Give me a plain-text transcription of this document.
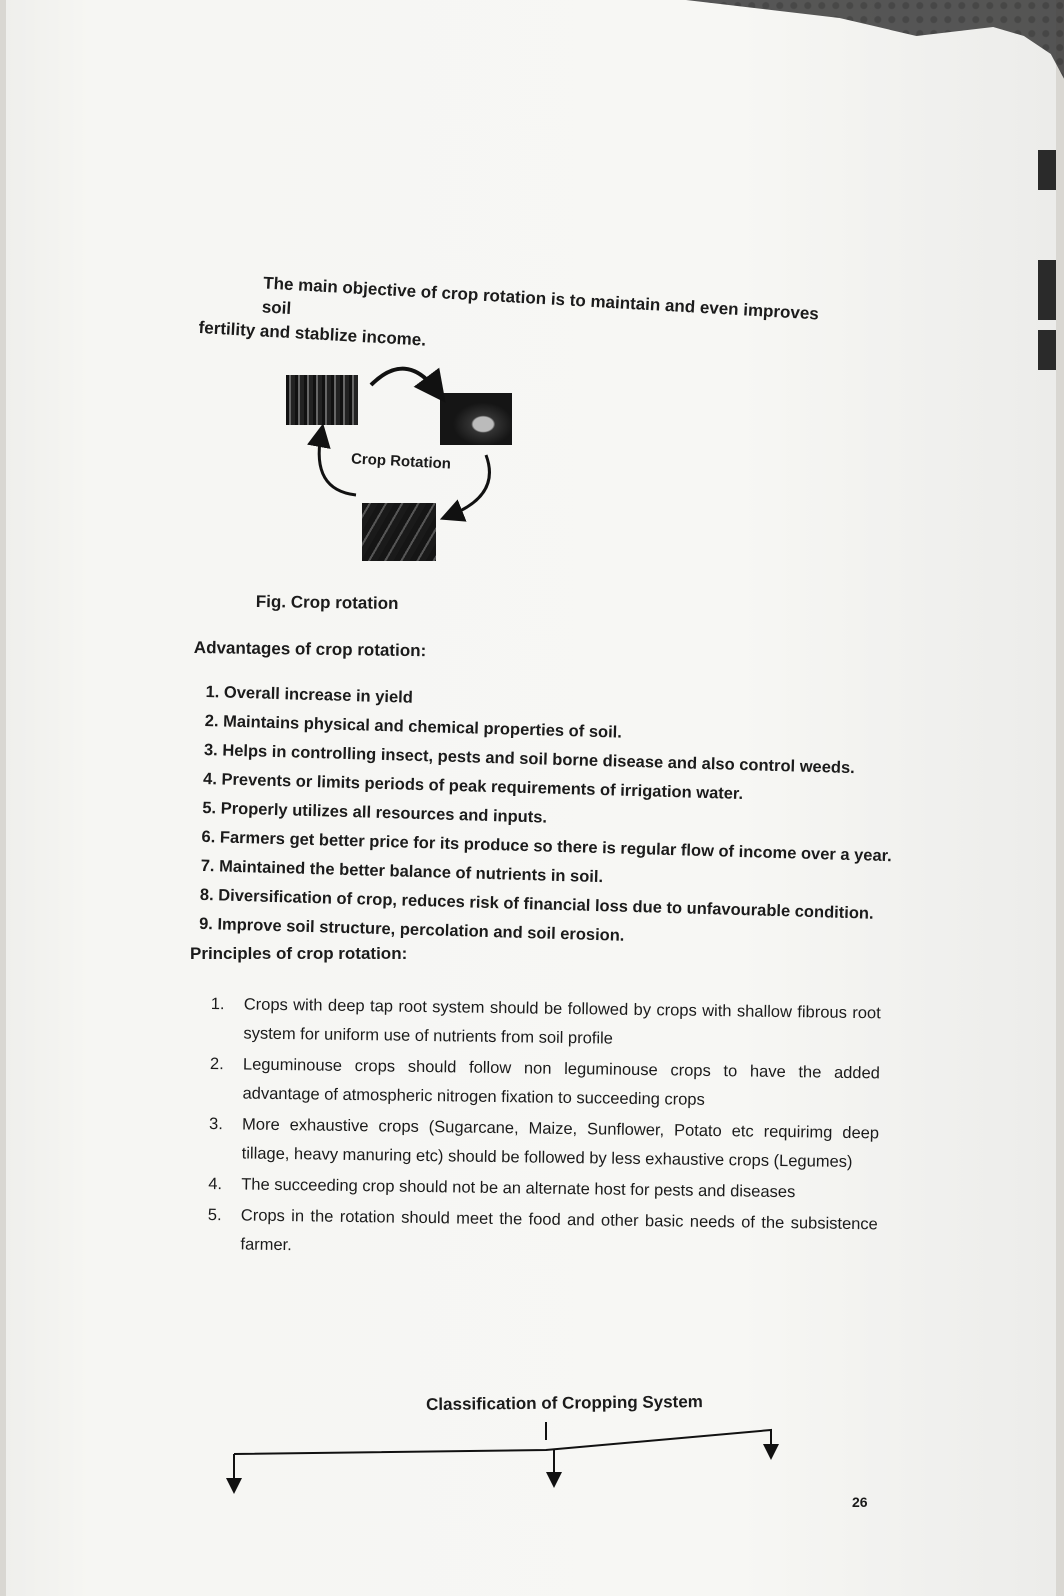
The main objective of crop rotation is to maintain and even improves soil
fertility and stablize income.
Crop Rotation
Fig. Crop rotation
Advantages of crop rotation:
1. Overall increase in yield
2. Maintains physical and chemical properties of soil.
3. Helps in controlling insect, pests and soil borne disease and also control weeds.
4. Prevents or limits periods of peak requirements of irrigation water.
5. Properly utilizes all resources and inputs.
6. Farmers get better price for its produce so there is regular flow of income over a year.
7. Maintained the better balance of nutrients in soil.
8. Diversification of crop, reduces risk of financial loss due to unfavourable condition.
9. Improve soil structure, percolation and soil erosion.
Principles of crop rotation:
1.	Crops with deep tap root system should be followed by crops with shallow fibrous root system for uniform use of nutrients from soil profile
2.	Leguminouse crops should follow non leguminouse crops to have the added advantage of atmospheric nitrogen fixation to succeeding crops
3.	More exhaustive crops (Sugarcane, Maize, Sunflower, Potato etc requirimg deep tillage, heavy manuring etc) should be followed by less exhaustive crops (Legumes)
4.	The succeeding crop should not be an alternate host for pests and diseases
5.	Crops in the rotation should meet the food and other basic needs of the subsistence farmer.
Classification of Cropping System
26
